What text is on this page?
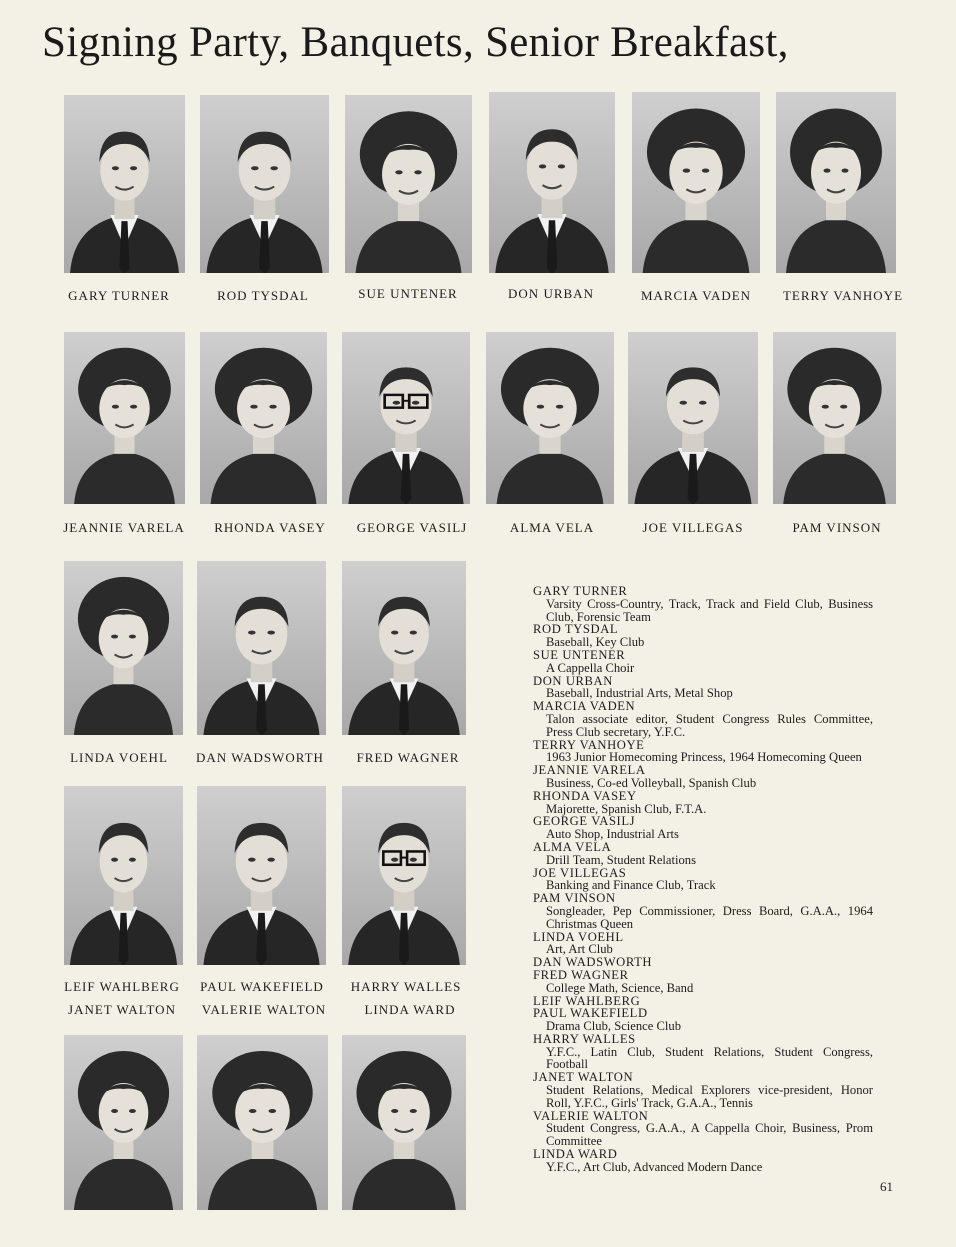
Signing Party, Banquets, Senior Breakfast,
GARY TURNER	ROD TYSDAL	SUE UNTENER	DON URBAN	MARCIA VADEN	TERRY VANHOYE
JEANNIE VARELA	RHONDA VASEY	GEORGE VASILJ	ALMA VELA	JOE VILLEGAS	PAM VINSON
LINDA VOEHL	DAN WADSWORTH	FRED WAGNER
LEIF WAHLBERG	PAUL WAKEFIELD	HARRY WALLES
JANET WALTON	VALERIE WALTON	LINDA WARD
GARY TURNER
Varsity Cross-Country, Track, Track and Field Club, Business Club, Forensic Team
ROD TYSDAL
Baseball, Key Club
SUE UNTENER
A Cappella Choir
DON URBAN
Baseball, Industrial Arts, Metal Shop
MARCIA VADEN
Talon associate editor, Student Congress Rules Committee, Press Club secretary, Y.F.C.
TERRY VANHOYE
1963 Junior Homecoming Princess, 1964 Homecoming Queen
JEANNIE VARELA
Business, Co-ed Volleyball, Spanish Club
RHONDA VASEY
Majorette, Spanish Club, F.T.A.
GEORGE VASILJ
Auto Shop, Industrial Arts
ALMA VELA
Drill Team, Student Relations
JOE VILLEGAS
Banking and Finance Club, Track
PAM VINSON
Songleader, Pep Commissioner, Dress Board, G.A.A., 1964 Christmas Queen
LINDA VOEHL
Art, Art Club
DAN WADSWORTH
FRED WAGNER
College Math, Science, Band
LEIF WAHLBERG
PAUL WAKEFIELD
Drama Club, Science Club
HARRY WALLES
Y.F.C., Latin Club, Student Relations, Student Congress, Football
JANET WALTON
Student Relations, Medical Explorers vice-president, Honor Roll, Y.F.C., Girls' Track, G.A.A., Tennis
VALERIE WALTON
Student Congress, G.A.A., A Cappella Choir, Business, Prom Committee
LINDA WARD
Y.F.C., Art Club, Advanced Modern Dance
61
